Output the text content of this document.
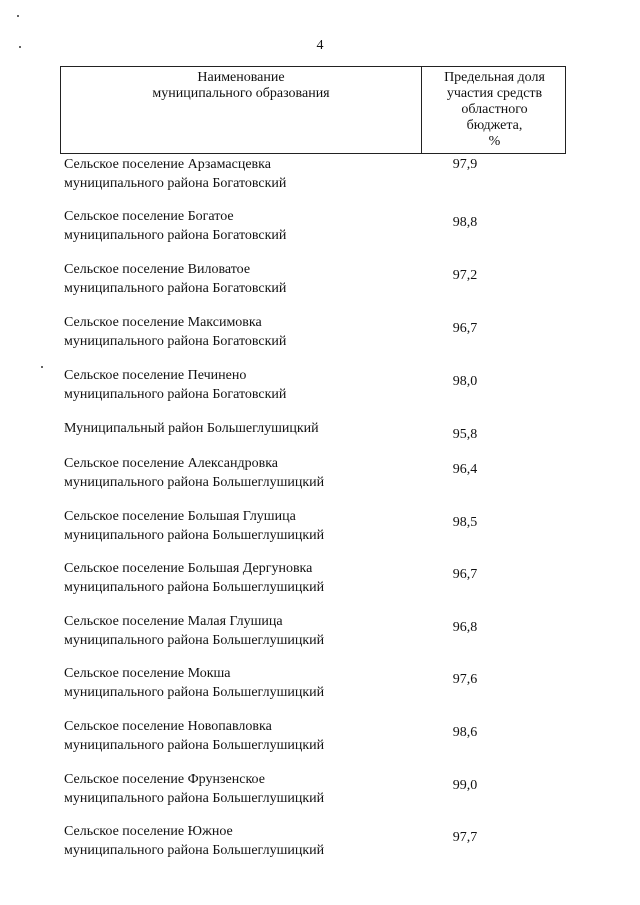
4
Наименование
муниципального образования
Предельная доля
участия средств
областного
бюджета,
%
Сельское поселение Арзамасцевка
муниципального района Богатовский
97,9
Сельское поселение Богатое
муниципального района Богатовский
98,8
Сельское поселение Виловатое
муниципального района Богатовский
97,2
Сельское поселение Максимовка
муниципального района Богатовский
96,7
Сельское поселение Печинено
муниципального района Богатовский
98,0
Муниципальный район Большеглушицкий	95,8
Сельское поселение Александровка
муниципального района Большеглушицкий
96,4
Сельское поселение Большая Глушица
муниципального района Большеглушицкий
98,5
Сельское поселение Большая Дергуновка
муниципального района Большеглушицкий
96,7
Сельское поселение Малая Глушица
муниципального района Большеглушицкий
96,8
Сельское поселение Мокша
муниципального района Большеглушицкий
97,6
Сельское поселение Новопавловка
муниципального района Большеглушицкий
98,6
Сельское поселение Фрунзенское
муниципального района Большеглушицкий
99,0
Сельское поселение Южное
муниципального района Большеглушицкий
97,7
